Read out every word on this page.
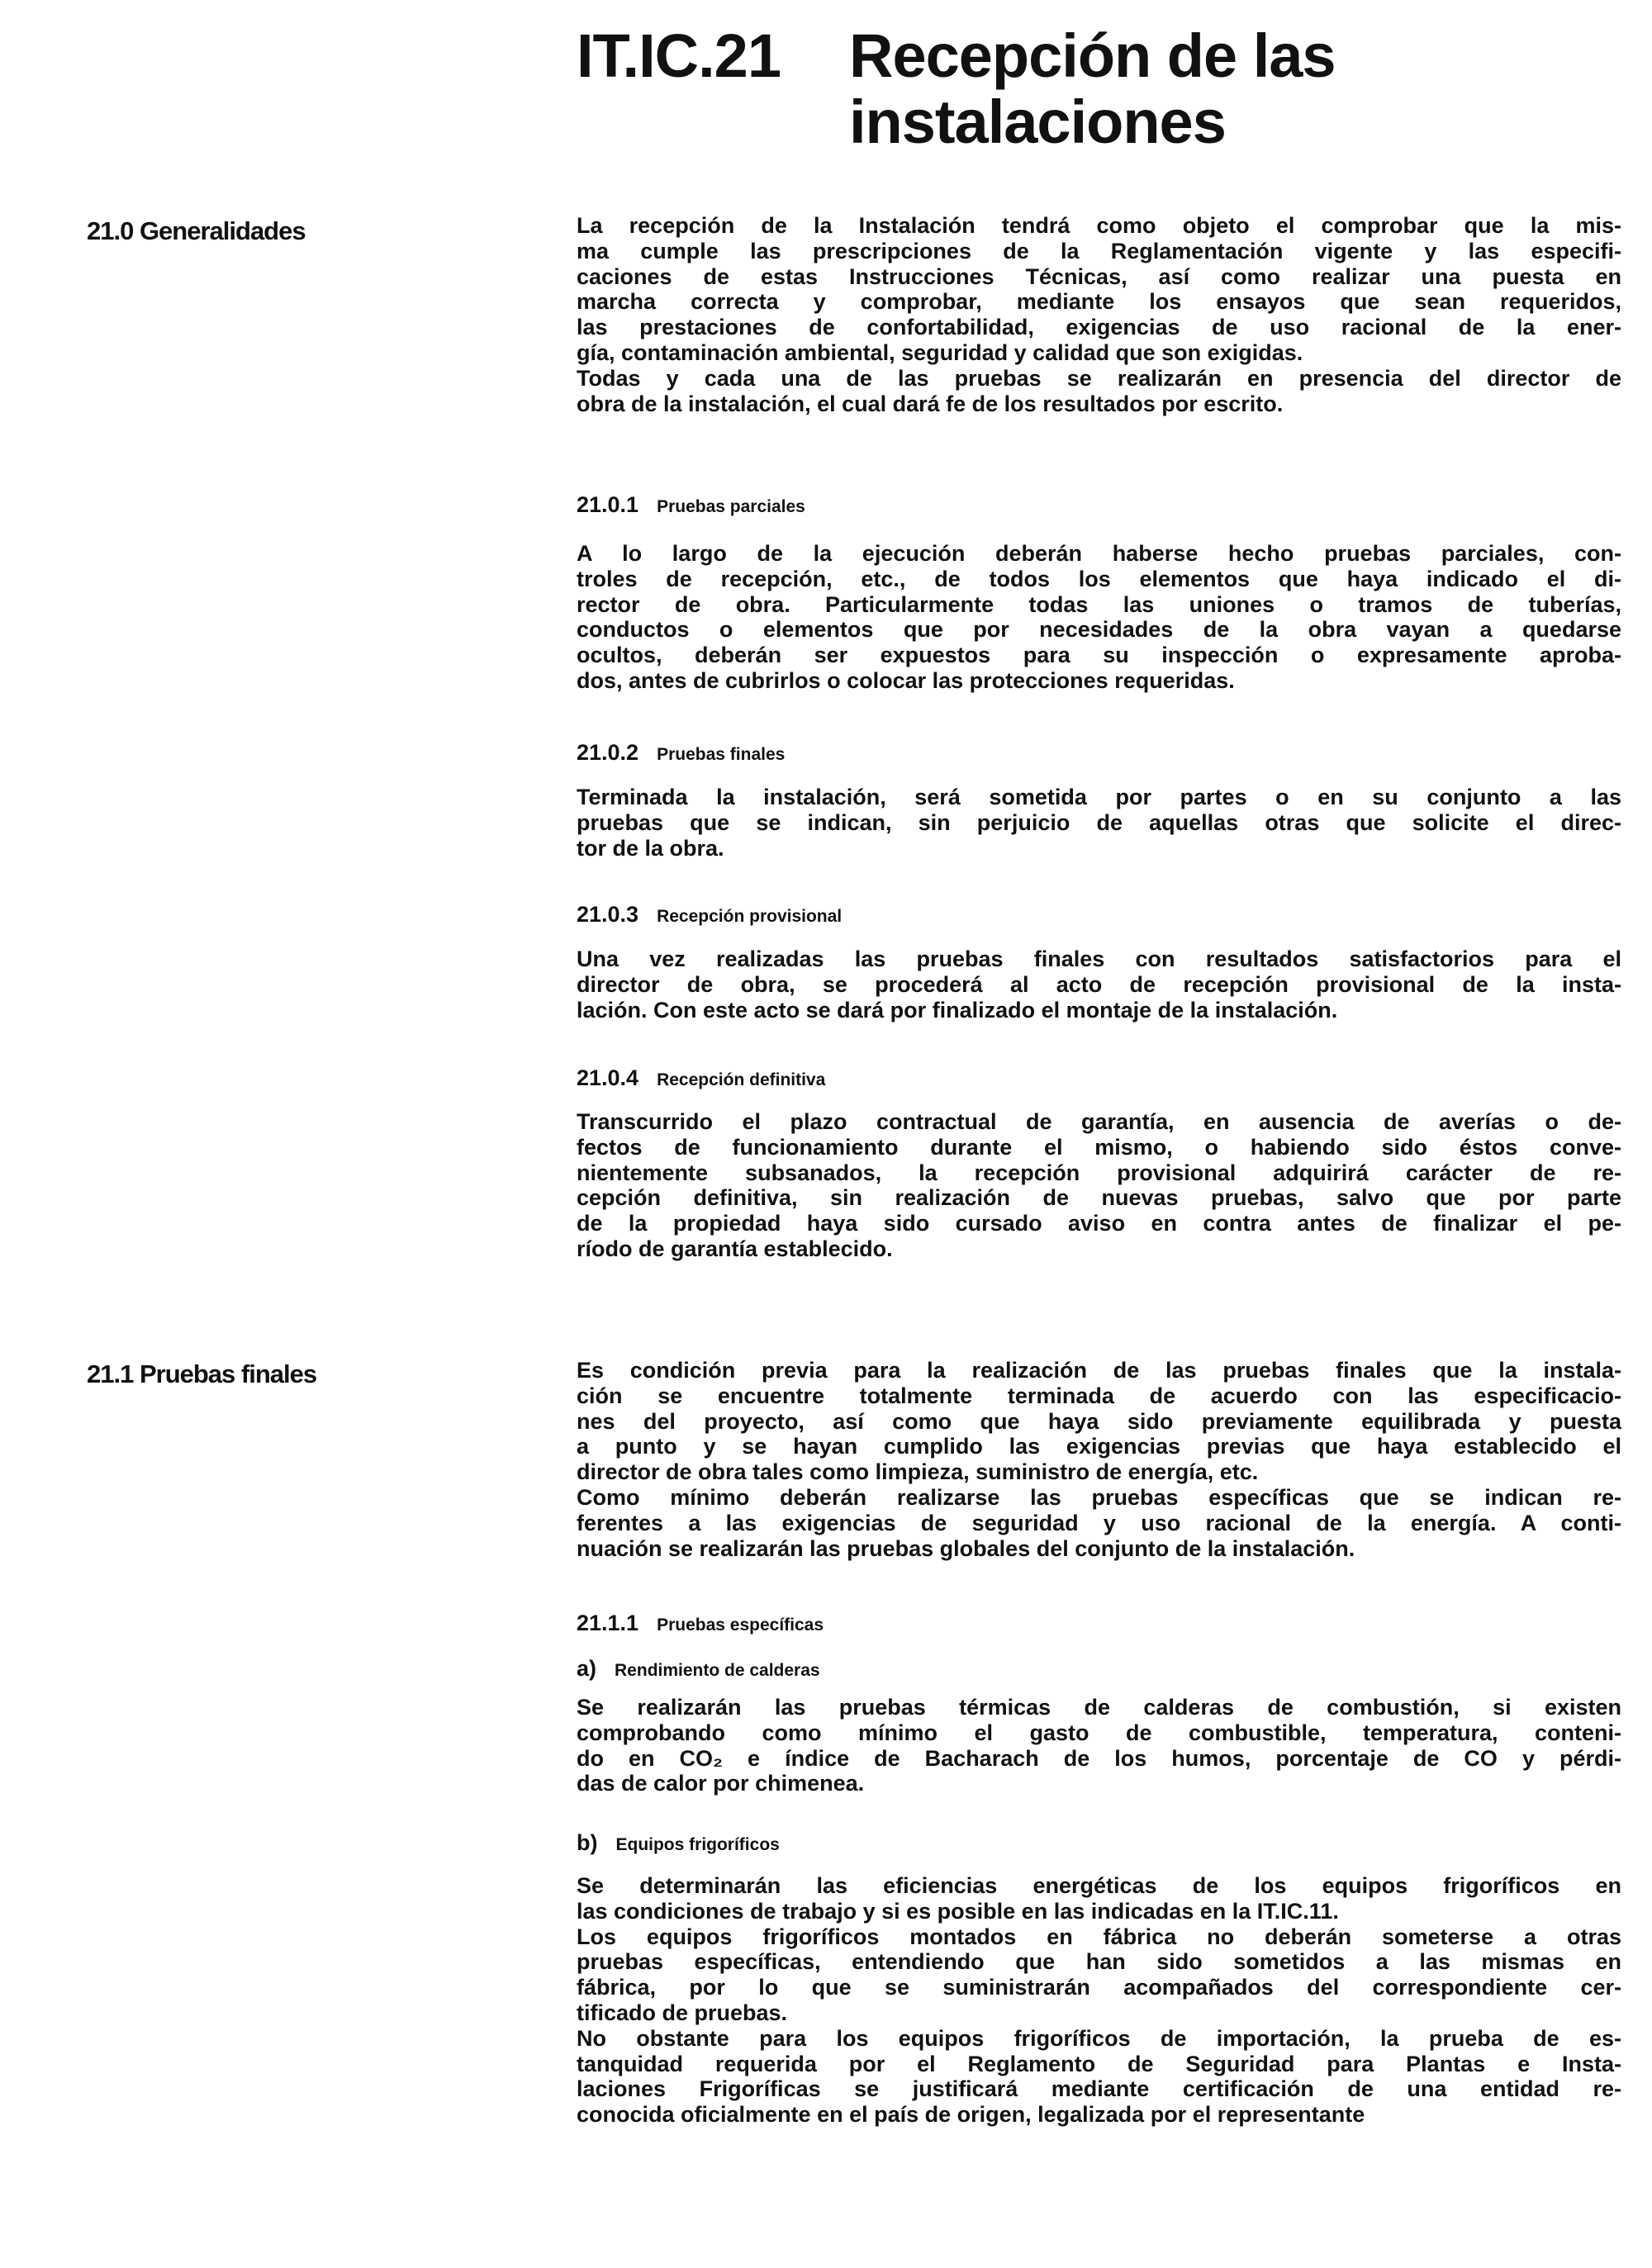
IT.IC.21 Recepción de las
instalaciones
21.0 Generalidades	La recepción de la Instalación tendrá como objeto el comprobar que la mis-
ma cumple las prescripciones de la Reglamentación vigente y las especifi-
caciones de estas Instrucciones Técnicas, así como realizar una puesta en
marcha correcta y comprobar, mediante los ensayos que sean requeridos,
las prestaciones de confortabilidad, exigencias de uso racional de la ener-
gía, contaminación ambiental, seguridad y calidad que son exigidas.
Todas y cada una de las pruebas se realizarán en presencia del director de
obra de la instalación, el cual dará fe de los resultados por escrito.
21.0.1 Pruebas parciales
A lo largo de la ejecución deberán haberse hecho pruebas parciales, con-
troles de recepción, etc., de todos los elementos que haya indicado el di-
rector de obra. Particularmente todas las uniones o tramos de tuberías,
conductos o elementos que por necesidades de la obra vayan a quedarse
ocultos, deberán ser expuestos para su inspección o expresamente aproba-
dos, antes de cubrirlos o colocar las protecciones requeridas.
21.0.2 Pruebas finales
Terminada la instalación, será sometida por partes o en su conjunto a las
pruebas que se indican, sin perjuicio de aquellas otras que solicite el direc-
tor de la obra.
21.0.3 Recepción provisional
Una vez realizadas las pruebas finales con resultados satisfactorios para el
director de obra, se procederá al acto de recepción provisional de la insta-
lación. Con este acto se dará por finalizado el montaje de la instalación.
21.0.4 Recepción definitiva
Transcurrido el plazo contractual de garantía, en ausencia de averías o de-
fectos de funcionamiento durante el mismo, o habiendo sido éstos conve-
nientemente subsanados, la recepción provisional adquirirá carácter de re-
cepción definitiva, sin realización de nuevas pruebas, salvo que por parte
de la propiedad haya sido cursado aviso en contra antes de finalizar el pe-
ríodo de garantía establecido.
21.1 Pruebas finales	Es condición previa para la realización de las pruebas finales que la instala-
ción se encuentre totalmente terminada de acuerdo con las especificacio-
nes del proyecto, así como que haya sido previamente equilibrada y puesta
a punto y se hayan cumplido las exigencias previas que haya establecido el
director de obra tales como limpieza, suministro de energía, etc.
Como mínimo deberán realizarse las pruebas específicas que se indican re-
ferentes a las exigencias de seguridad y uso racional de la energía. A conti-
nuación se realizarán las pruebas globales del conjunto de la instalación.
21.1.1 Pruebas específicas
a) Rendimiento de calderas
Se realizarán las pruebas térmicas de calderas de combustión, si existen
comprobando como mínimo el gasto de combustible, temperatura, conteni-
do en CO₂ e índice de Bacharach de los humos, porcentaje de CO y pérdi-
das de calor por chimenea.
b) Equipos frigoríficos
Se determinarán las eficiencias energéticas de los equipos frigoríficos en
las condiciones de trabajo y si es posible en las indicadas en la IT.IC.11.
Los equipos frigoríficos montados en fábrica no deberán someterse a otras
pruebas específicas, entendiendo que han sido sometidos a las mismas en
fábrica, por lo que se suministrarán acompañados del correspondiente cer-
tificado de pruebas.
No obstante para los equipos frigoríficos de importación, la prueba de es-
tanquidad requerida por el Reglamento de Seguridad para Plantas e Insta-
laciones Frigoríficas se justificará mediante certificación de una entidad re-
conocida oficialmente en el país de origen, legalizada por el representante
